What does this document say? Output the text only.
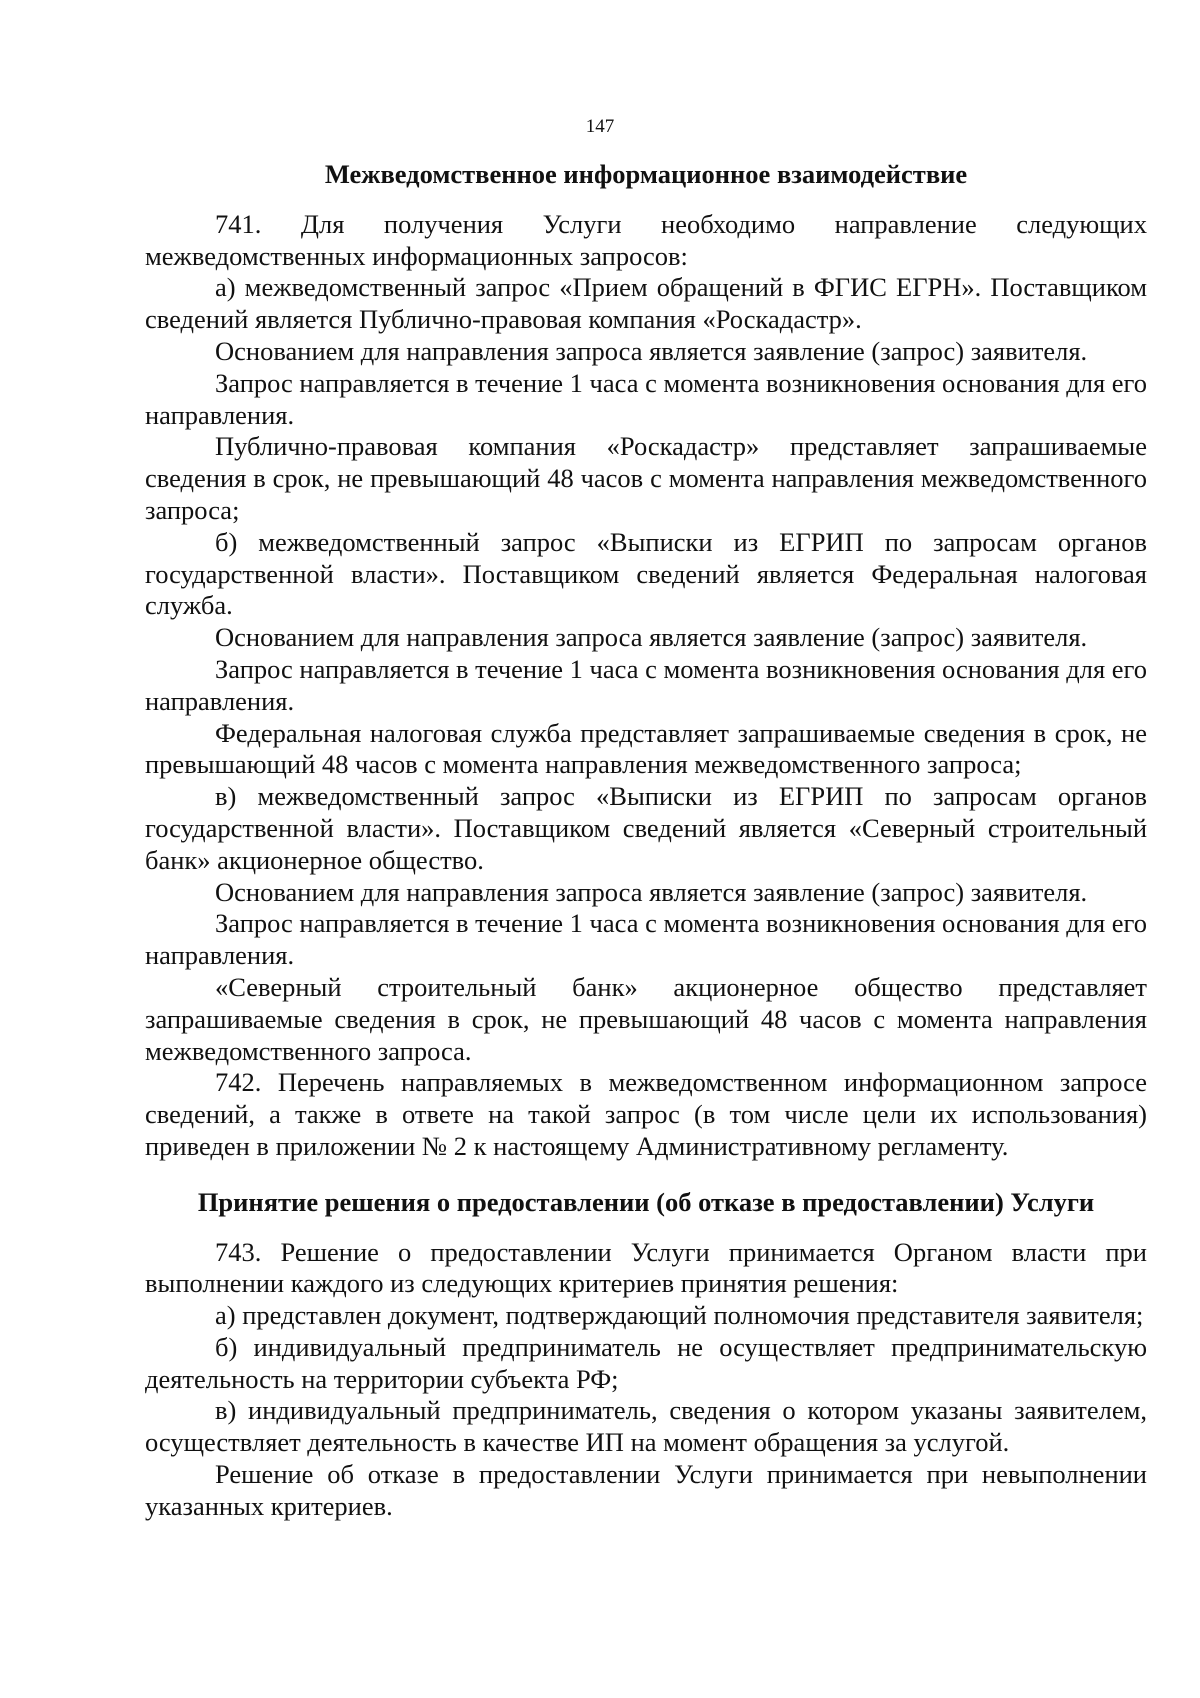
147

Межведомственное информационное взаимодействие

741. Для получения Услуги необходимо направление следующих межведомственных информационных запросов:

а) межведомственный запрос «Прием обращений в ФГИС ЕГРН». Поставщиком сведений является Публично-правовая компания «Роскадастр».

Основанием для направления запроса является заявление (запрос) заявителя.

Запрос направляется в течение 1 часа с момента возникновения основания для его направления.

Публично-правовая компания «Роскадастр» представляет запрашиваемые сведения в срок, не превышающий 48 часов с момента направления межведомственного запроса;

б) межведомственный запрос «Выписки из ЕГРИП по запросам органов государственной власти». Поставщиком сведений является Федеральная налоговая служба.

Основанием для направления запроса является заявление (запрос) заявителя.

Запрос направляется в течение 1 часа с момента возникновения основания для его направления.

Федеральная налоговая служба представляет запрашиваемые сведения в срок, не превышающий 48 часов с момента направления межведомственного запроса;

в) межведомственный запрос «Выписки из ЕГРИП по запросам органов государственной власти». Поставщиком сведений является «Северный строительный банк» акционерное общество.

Основанием для направления запроса является заявление (запрос) заявителя.

Запрос направляется в течение 1 часа с момента возникновения основания для его направления.

«Северный строительный банк» акционерное общество представляет запрашиваемые сведения в срок, не превышающий 48 часов с момента направления межведомственного запроса.

742. Перечень направляемых в межведомственном информационном запросе сведений, а также в ответе на такой запрос (в том числе цели их использования) приведен в приложении № 2 к настоящему Административному регламенту.

Принятие решения о предоставлении (об отказе в предоставлении) Услуги

743. Решение о предоставлении Услуги принимается Органом власти при выполнении каждого из следующих критериев принятия решения:

а) представлен документ, подтверждающий полномочия представителя заявителя;

б) индивидуальный предприниматель не осуществляет предпринимательскую деятельность на территории субъекта РФ;

в) индивидуальный предприниматель, сведения о котором указаны заявителем, осуществляет деятельность в качестве ИП на момент обращения за услугой.

Решение об отказе в предоставлении Услуги принимается при невыполнении указанных критериев.
